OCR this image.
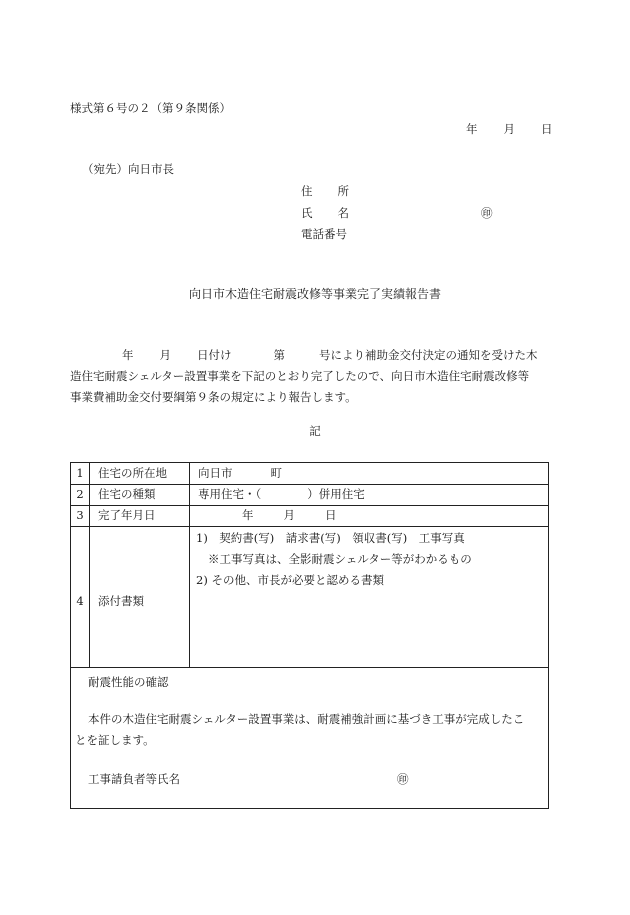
様式第６号の２（第９条関係）
年 月 日
（宛先）向日市長
住 所
氏 名	㊞
電話番号
向日市木造住宅耐震改修等事業完了実績報告書
年 月 日付け	第	号により補助金交付決定の通知を受けた木
造住宅耐震シェルター設置事業を下記のとおり完了したので、向日市木造住宅耐震改修等
事業費補助金交付要綱第９条の規定により報告します。
記
1	住宅の所在地	向日市	町
2	住宅の種類	専用住宅・（　　　　）併用住宅
3	完了年月日	年	月	日
4	添付書類
1)　契約書(写)　請求書(写)　領収書(写)　工事写真
※工事写真は、全影耐震シェルター等がわかるもの
2) その他、市長が必要と認める書類
耐震性能の確認
本件の木造住宅耐震シェルター設置事業は、耐震補強計画に基づき工事が完成したこ
とを証します。
工事請負者等氏名	㊞
